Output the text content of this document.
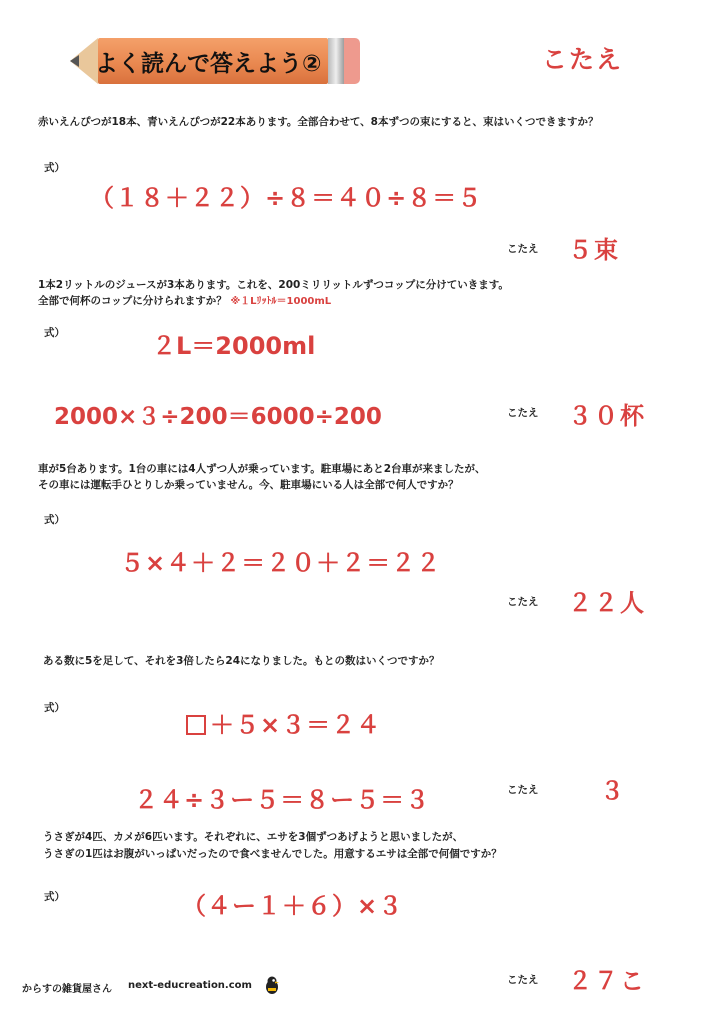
よく読んで答えよう②	こたえ
赤いえんぴつが18本、青いえんぴつが22本あります。全部合わせて、8本ずつの束にすると、束はいくつできますか？
式）
（１８＋２２）÷８＝４０÷８＝５
こたえ ５束
1本2リットルのジュースが3本あります。これを、200ミリリットルずつコップに分けていきます。
全部で何杯のコップに分けられますか？ ※１Lﾘｯﾄﾙ＝1000mL
式）	２L＝2000ml
2000×３÷200＝6000÷200	こたえ ３０杯
車が5台あります。1台の車には4人ずつ人が乗っています。駐車場にあと2台車が来ましたが、
その車には運転手ひとりしか乗っていません。今、駐車場にいる人は全部で何人ですか？
式）
５×４＋２＝２０＋２＝２２
こたえ ２２人
ある数に5を足して、それを3倍したら24になりました。もとの数はいくつですか？
式）
＋５×３＝２４
２４÷３ー５＝８ー５＝３	こたえ	３
うさぎが4匹、カメが6匹います。それぞれに、エサを3個ずつあげようと思いましたが、
うさぎの1匹はお腹がいっぱいだったので食べませんでした。用意するエサは全部で何個ですか？
式）	（４ー１＋６）×３
こたえ ２７こ
からすの雑貨屋さん next-educreation.com
